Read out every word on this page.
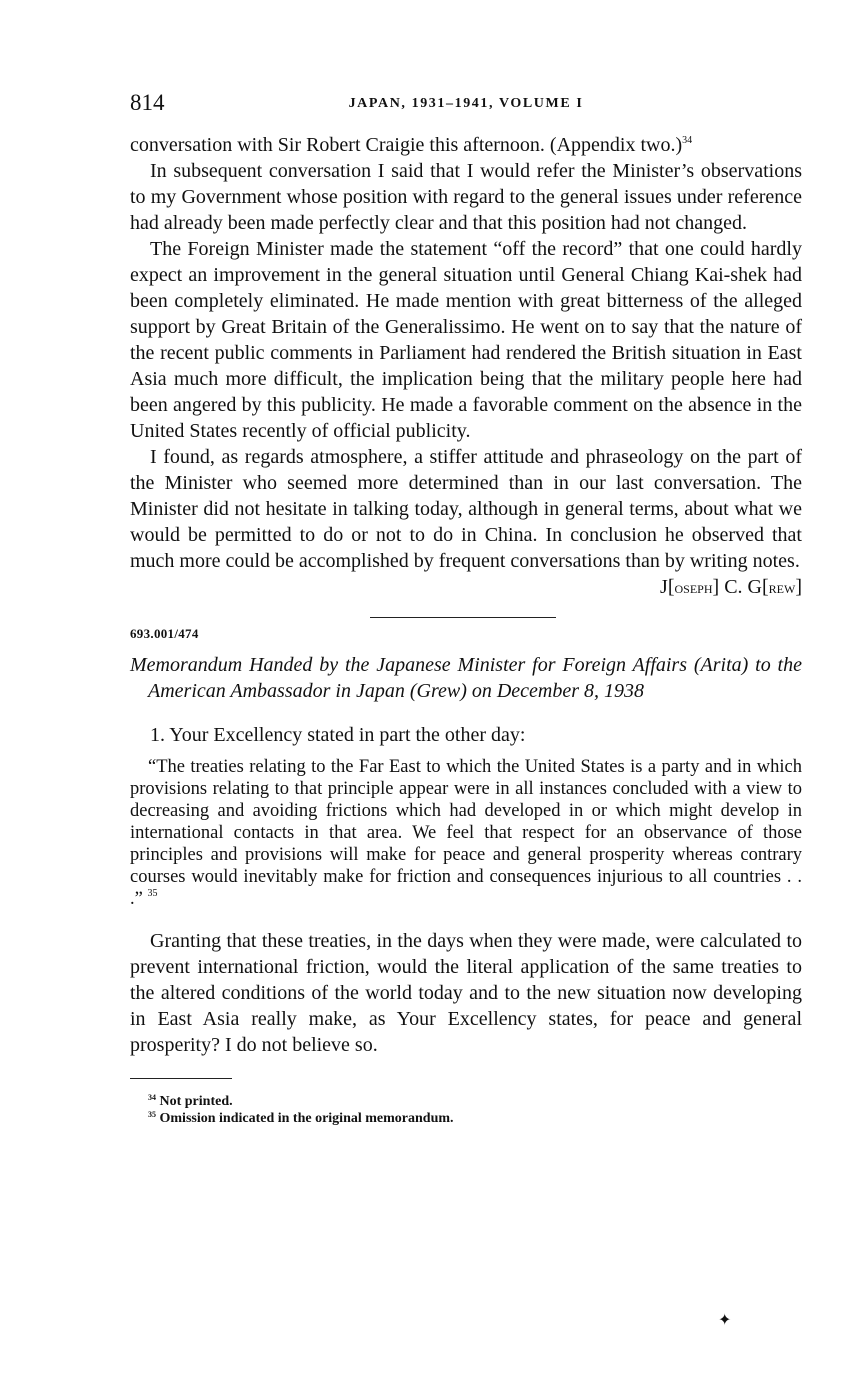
814	JAPAN, 1931–1941, VOLUME I

conversation with Sir Robert Craigie this afternoon. (Appendix two.)$^{34}$

In subsequent conversation I said that I would refer the Minister’s observations to my Government whose position with regard to the general issues under reference had already been made perfectly clear and that this position had not changed.

The Foreign Minister made the statement “off the record” that one could hardly expect an improvement in the general situation until General Chiang Kai-shek had been completely eliminated. He made mention with great bitterness of the alleged support by Great Britain of the Generalissimo. He went on to say that the nature of the recent public comments in Parliament had rendered the British situation in East Asia much more difficult, the implication being that the military people here had been angered by this publicity. He made a favorable comment on the absence in the United States recently of official publicity.

I found, as regards atmosphere, a stiffer attitude and phraseology on the part of the Minister who seemed more determined than in our last conversation. The Minister did not hesitate in talking today, although in general terms, about what we would be permitted to do or not to do in China. In conclusion he observed that much more could be accomplished by frequent conversations than by writing notes.

J[oseph] C. G[rew]
693.001/474
Memorandum Handed by the Japanese Minister for Foreign Affairs (Arita) to the American Ambassador in Japan (Grew) on December 8, 1938
1. Your Excellency stated in part the other day:

“The treaties relating to the Far East to which the United States is a party and in which provisions relating to that principle appear were in all instances concluded with a view to decreasing and avoiding frictions which had developed in or which might develop in international contacts in that area. We feel that respect for an observance of those principles and provisions will make for peace and general prosperity whereas contrary courses would inevitably make for friction and consequences injurious to all countries . . .” $^{35}$

Granting that these treaties, in the days when they were made, were calculated to prevent international friction, would the literal application of the same treaties to the altered conditions of the world today and to the new situation now developing in East Asia really make, as Your Excellency states, for peace and general prosperity? I do not believe so.
$^{34}$ Not printed.
$^{35}$ Omission indicated in the original memorandum.
✦
